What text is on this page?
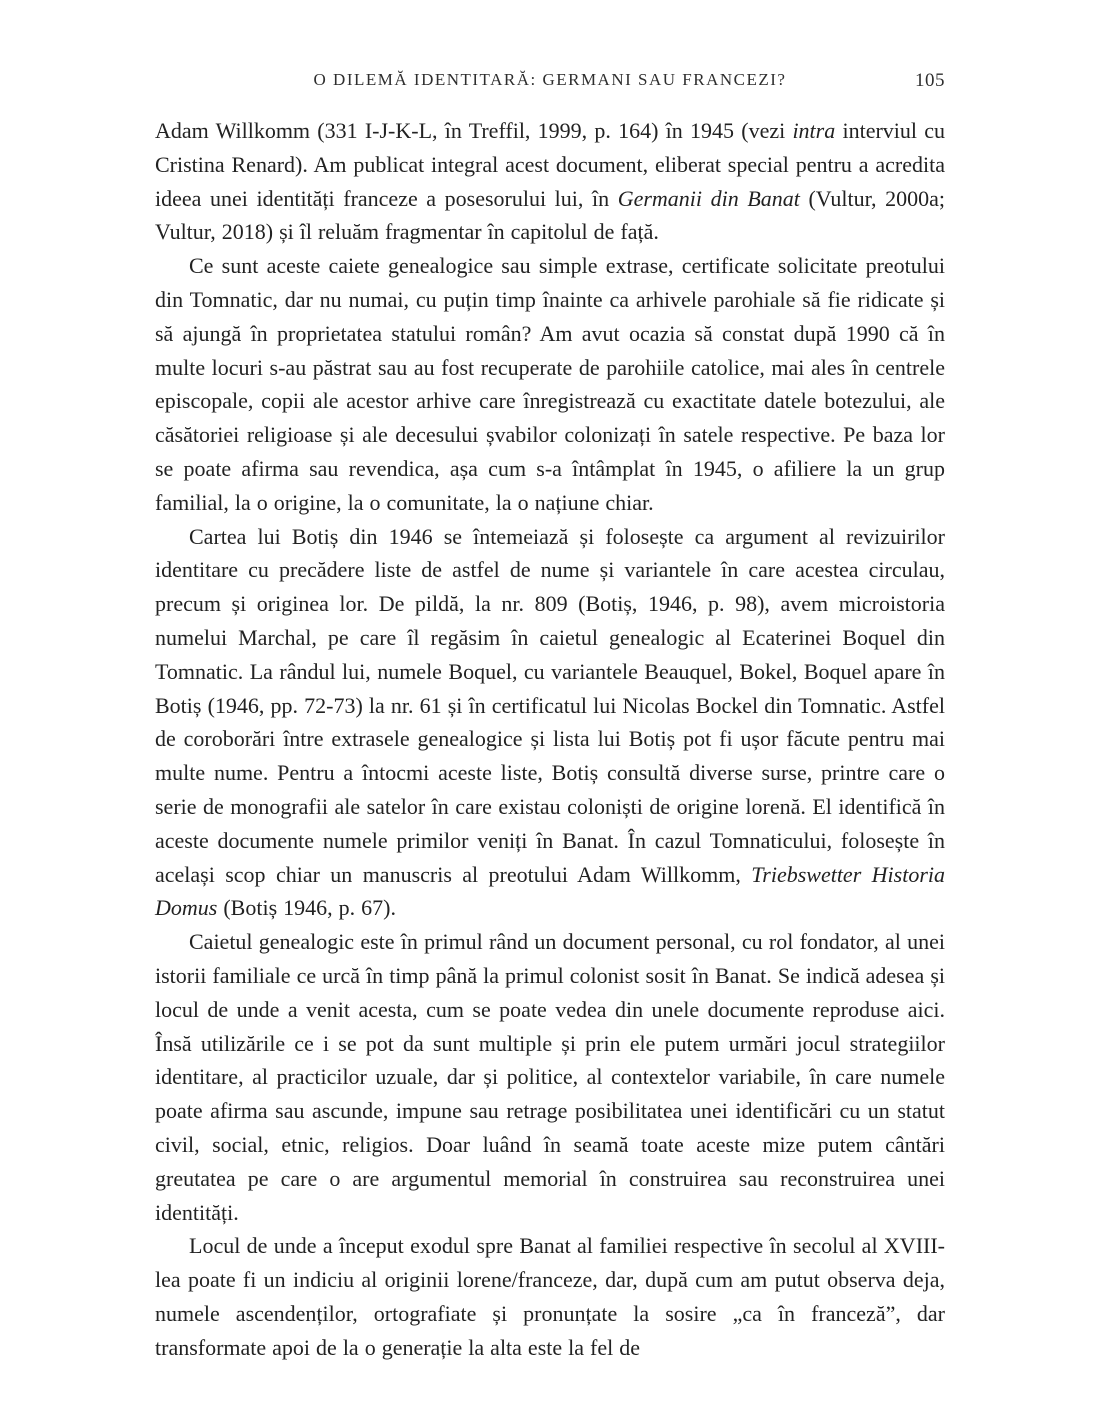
O DILEMĂ IDENTITARĂ: GERMANI SAU FRANCEZI?	105

Adam Willkomm (331 I-J-K-L, în Treffil, 1999, p. 164) în 1945 (vezi intra interviul cu Cristina Renard). Am publicat integral acest document, eliberat special pentru a acredita ideea unei identități franceze a posesorului lui, în Germanii din Banat (Vultur, 2000a; Vultur, 2018) și îl reluăm fragmentar în capitolul de față.

Ce sunt aceste caiete genealogice sau simple extrase, certificate solicitate preotului din Tomnatic, dar nu numai, cu puțin timp înainte ca arhivele parohiale să fie ridicate și să ajungă în proprietatea statului român? Am avut ocazia să constat după 1990 că în multe locuri s-au păstrat sau au fost recuperate de parohiile catolice, mai ales în centrele episcopale, copii ale acestor arhive care înregistrează cu exactitate datele botezului, ale căsătoriei religioase și ale decesului șvabilor colonizați în satele respective. Pe baza lor se poate afirma sau revendica, așa cum s-a întâmplat în 1945, o afiliere la un grup familial, la o origine, la o comunitate, la o națiune chiar.

Cartea lui Botiș din 1946 se întemeiază și folosește ca argument al revizuirilor identitare cu precădere liste de astfel de nume și variantele în care acestea circulau, precum și originea lor. De pildă, la nr. 809 (Botiș, 1946, p. 98), avem microistoria numelui Marchal, pe care îl regăsim în caietul genealogic al Ecaterinei Boquel din Tomnatic. La rândul lui, numele Boquel, cu variantele Beauquel, Bokel, Boquel apare în Botiș (1946, pp. 72-73) la nr. 61 și în certificatul lui Nicolas Bockel din Tomnatic. Astfel de coroborări între extrasele genealogice și lista lui Botiș pot fi ușor făcute pentru mai multe nume. Pentru a întocmi aceste liste, Botiș consultă diverse surse, printre care o serie de monografii ale satelor în care existau coloniști de origine lorenă. El identifică în aceste documente numele primilor veniți în Banat. În cazul Tomnaticului, folosește în același scop chiar un manuscris al preotului Adam Willkomm, Triebswetter Historia Domus (Botiș 1946, p. 67).

Caietul genealogic este în primul rând un document personal, cu rol fondator, al unei istorii familiale ce urcă în timp până la primul colonist sosit în Banat. Se indică adesea și locul de unde a venit acesta, cum se poate vedea din unele documente reproduse aici. Însă utilizările ce i se pot da sunt multiple și prin ele putem urmări jocul strategiilor identitare, al practicilor uzuale, dar și politice, al contextelor variabile, în care numele poate afirma sau ascunde, impune sau retrage posibilitatea unei identificări cu un statut civil, social, etnic, religios. Doar luând în seamă toate aceste mize putem cântări greutatea pe care o are argumentul memorial în construirea sau reconstruirea unei identități.

Locul de unde a început exodul spre Banat al familiei respective în secolul al XVIII-lea poate fi un indiciu al originii lorene/franceze, dar, după cum am putut observa deja, numele ascendenților, ortografiate și pronunțate la sosire „ca în franceză”, dar transformate apoi de la o generație la alta este la fel de
